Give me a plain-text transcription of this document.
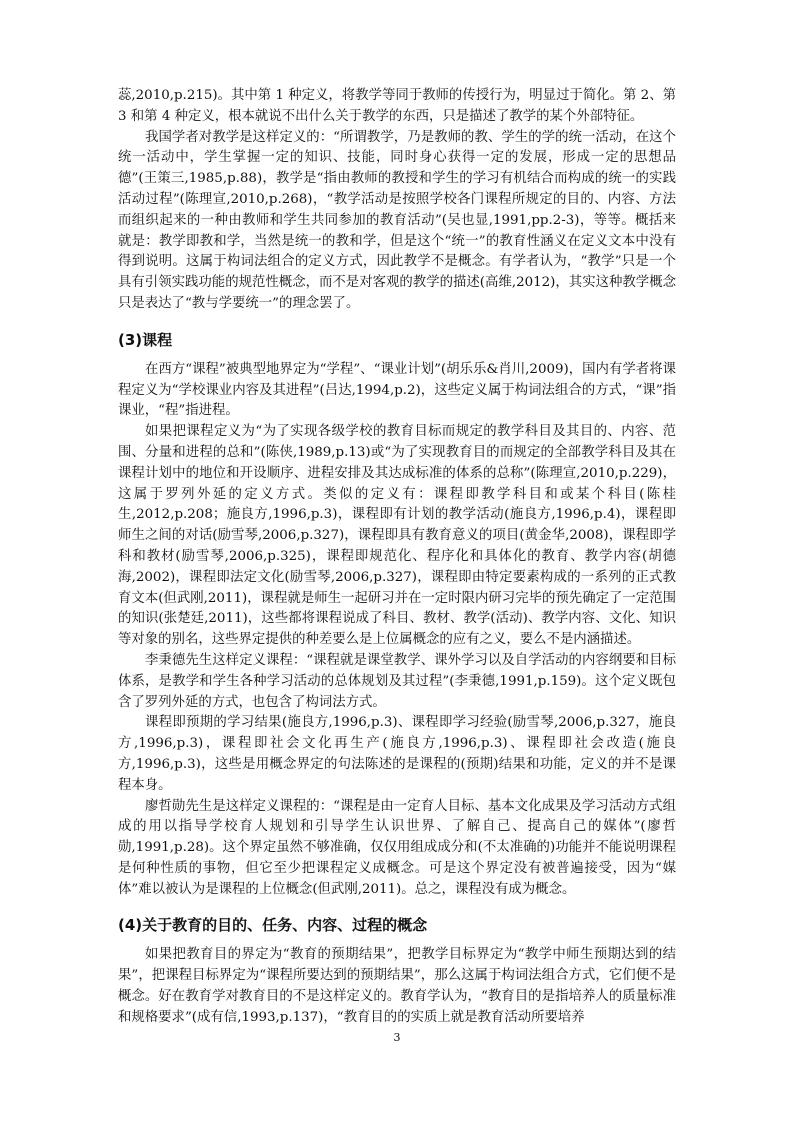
蕊,2010,p.215)。其中第 1 种定义，将教学等同于教师的传授行为，明显过于简化。第 2、第 3 和第 4 种定义，根本就说不出什么关于教学的东西，只是描述了教学的某个外部特征。

我国学者对教学是这样定义的：“所谓教学，乃是教师的教、学生的学的统一活动，在这个统一活动中，学生掌握一定的知识、技能，同时身心获得一定的发展，形成一定的思想品德”(王策三,1985,p.88)，教学是“指由教师的教授和学生的学习有机结合而构成的统一的实践活动过程”(陈理宣,2010,p.268)，“教学活动是按照学校各门课程所规定的目的、内容、方法而组织起来的一种由教师和学生共同参加的教育活动”(吴也显,1991,pp.2-3)，等等。概括来就是：教学即教和学，当然是统一的教和学，但是这个“统一”的教育性涵义在定义文本中没有得到说明。这属于构词法组合的定义方式，因此教学不是概念。有学者认为，“教学”只是一个具有引领实践功能的规范性概念，而不是对客观的教学的描述(高维,2012)，其实这种教学概念只是表达了“教与学要统一”的理念罢了。

(3)课程

在西方“课程”被典型地界定为“学程”、“课业计划”(胡乐乐&肖川,2009)，国内有学者将课程定义为“学校课业内容及其进程”(吕达,1994,p.2)，这些定义属于构词法组合的方式，“课”指课业，“程”指进程。

如果把课程定义为“为了实现各级学校的教育目标而规定的教学科目及其目的、内容、范围、分量和进程的总和”(陈侠,1989,p.13)或“为了实现教育目的而规定的全部教学科目及其在课程计划中的地位和开设顺序、进程安排及其达成标准的体系的总称”(陈理宣,2010,p.229)，这属于罗列外延的定义方式。类似的定义有：课程即教学科目和或某个科目(陈桂生,2012,p.208；施良方,1996,p.3)，课程即有计划的教学活动(施良方,1996,p.4)，课程即师生之间的对话(励雪琴,2006,p.327)，课程即具有教育意义的项目(黄金华,2008)，课程即学科和教材(励雪琴,2006,p.325)，课程即规范化、程序化和具体化的教育、教学内容(胡德海,2002)，课程即法定文化(励雪琴,2006,p.327)，课程即由特定要素构成的一系列的正式教育文本(但武刚,2011)，课程就是师生一起研习并在一定时限内研习完毕的预先确定了一定范围的知识(张楚廷,2011)，这些都将课程说成了科目、教材、教学(活动)、教学内容、文化、知识等对象的别名，这些界定提供的种差要么是上位属概念的应有之义，要么不是内涵描述。

李秉德先生这样定义课程：“课程就是课堂教学、课外学习以及自学活动的内容纲要和目标体系，是教学和学生各种学习活动的总体规划及其过程”(李秉德,1991,p.159)。这个定义既包含了罗列外延的方式，也包含了构词法方式。

课程即预期的学习结果(施良方,1996,p.3)、课程即学习经验(励雪琴,2006,p.327，施良方,1996,p.3)，课程即社会文化再生产(施良方,1996,p.3)、课程即社会改造(施良方,1996,p.3)，这些是用概念界定的句法陈述的是课程的(预期)结果和功能，定义的并不是课程本身。

廖哲勋先生是这样定义课程的：“课程是由一定育人目标、基本文化成果及学习活动方式组成的用以指导学校育人规划和引导学生认识世界、了解自己、提高自己的媒体”(廖哲勋,1991,p.28)。这个界定虽然不够准确，仅仅用组成成分和(不太准确的)功能并不能说明课程是何种性质的事物，但它至少把课程定义成概念。可是这个界定没有被普遍接受，因为“媒体”难以被认为是课程的上位概念(但武刚,2011)。总之，课程没有成为概念。

(4)关于教育的目的、任务、内容、过程的概念

如果把教育目的界定为“教育的预期结果”，把教学目标界定为“教学中师生预期达到的结果”，把课程目标界定为“课程所要达到的预期结果”，那么这属于构词法组合方式，它们便不是概念。好在教育学对教育目的不是这样定义的。教育学认为，“教育目的是指培养人的质量标准和规格要求”(成有信,1993,p.137)，“教育目的的实质上就是教育活动所要培养

3
